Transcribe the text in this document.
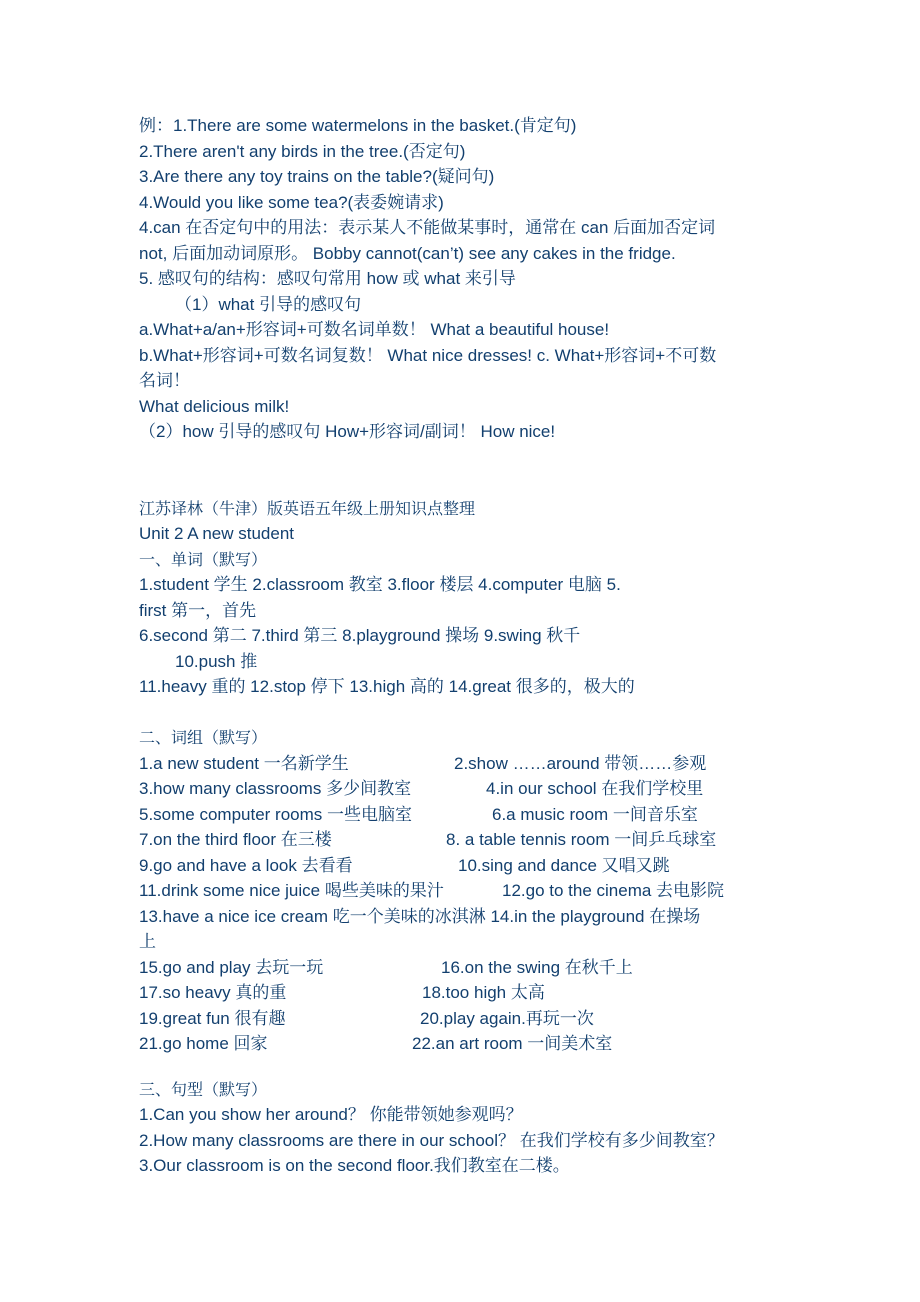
例：1.There are some watermelons in the basket.(肯定句)
2.There aren't any birds in the tree.(否定句)
3.Are there any toy trains on the table?(疑问句)
4.Would you like some tea?(表委婉请求)
4.can 在否定句中的用法：表示某人不能做某事时，通常在 can 后面加否定词
not, 后面加动词原形。 Bobby cannot(can’t) see any cakes in the fridge.
5. 感叹句的结构：感叹句常用 how 或 what 来引导
（1）what 引导的感叹句
a.What+a/an+形容词+可数名词单数！ What a beautiful house!
b.What+形容词+可数名词复数！ What nice dresses! c. What+形容词+不可数
名词！
What delicious milk!
（2）how 引导的感叹句 How+形容词/副词！ How nice!
江苏译林（牛津）版英语五年级上册知识点整理
Unit 2 A new student
一、单词（默写）
1.student 学生 2.classroom 教室 3.floor 楼层 4.computer 电脑 5.
first 第一，首先
6.second 第二 7.third 第三 8.playground 操场 9.swing 秋千
10.push 推
11.heavy 重的 12.stop 停下 13.high 高的 14.great 很多的，极大的
二、词组（默写）
1.a new student 一名新学生	2.show ……around 带领……参观
3.how many classrooms 多少间教室	4.in our school 在我们学校里
5.some computer rooms 一些电脑室	6.a music room 一间音乐室
7.on the third floor 在三楼	8. a table tennis room 一间乒乓球室
9.go and have a look 去看看	10.sing and dance 又唱又跳
11.drink some nice juice 喝些美味的果汁	12.go to the cinema 去电影院
13.have a nice ice cream 吃一个美味的冰淇淋 14.in the playground 在操场
上
15.go and play 去玩一玩	16.on the swing 在秋千上
17.so heavy 真的重	18.too high 太高
19.great fun 很有趣	20.play again.再玩一次
21.go home 回家	22.an art room 一间美术室
三、句型（默写）
1.Can you show her around？ 你能带领她参观吗？
2.How many classrooms are there in our school？ 在我们学校有多少间教室？
3.Our classroom is on the second floor.我们教室在二楼。
